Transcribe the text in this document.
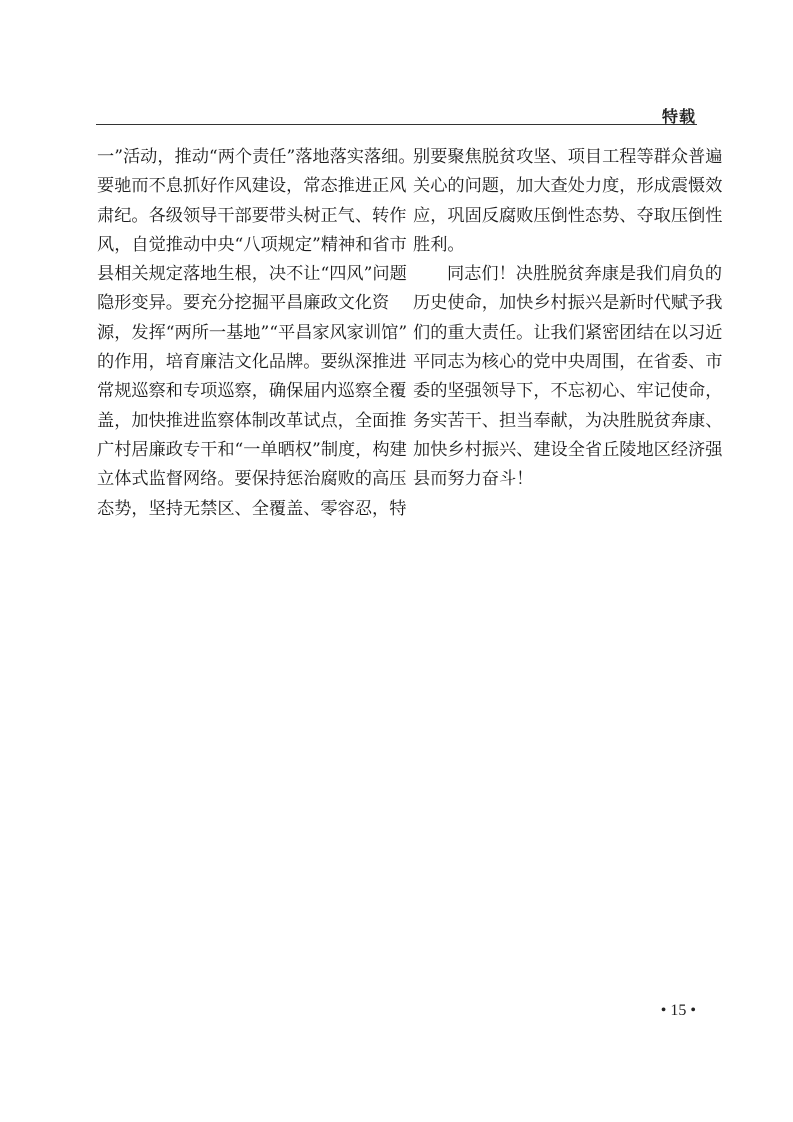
特载
一”活动，推动“两个责任”落地落实落细。
要驰而不息抓好作风建设，常态推进正风
肃纪。各级领导干部要带头树正气、转作
风，自觉推动中央“八项规定”精神和省市
县相关规定落地生根，决不让“四风”问题
隐形变异。要充分挖掘平昌廉政文化资
源，发挥“两所一基地”“平昌家风家训馆”
的作用，培育廉洁文化品牌。要纵深推进
常规巡察和专项巡察，确保届内巡察全覆
盖，加快推进监察体制改革试点，全面推
广村居廉政专干和“一单晒权”制度，构建
立体式监督网络。要保持惩治腐败的高压
态势，坚持无禁区、全覆盖、零容忍，特
别要聚焦脱贫攻坚、项目工程等群众普遍
关心的问题，加大查处力度，形成震慑效
应，巩固反腐败压倒性态势、夺取压倒性
胜利。
同志们！决胜脱贫奔康是我们肩负的
历史使命，加快乡村振兴是新时代赋予我
们的重大责任。让我们紧密团结在以习近
平同志为核心的党中央周围，在省委、市
委的坚强领导下，不忘初心、牢记使命，
务实苦干、担当奉献，为决胜脱贫奔康、
加快乡村振兴、建设全省丘陵地区经济强
县而努力奋斗！
• 15 •
